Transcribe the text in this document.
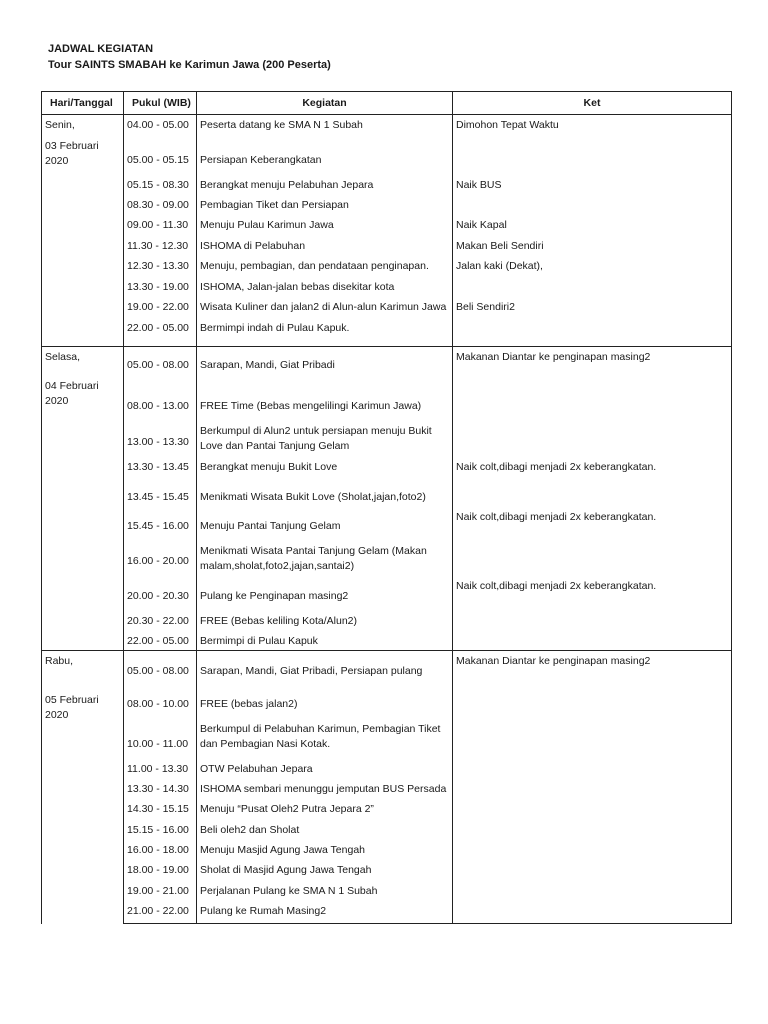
JADWAL KEGIATAN
Tour SAINTS SMABAH ke Karimun Jawa (200 Peserta)
Hari/Tanggal	Pukul (WIB)	Kegiatan	Ket

Senin,
03 Februari 2020	04.00 - 05.00	Peserta datang ke SMA N 1 Subah	Dimohon Tepat Waktu
	05.00 - 05.15	Persiapan Keberangkatan	
	05.15 - 08.30	Berangkat menuju Pelabuhan Jepara	Naik BUS
	08.30 - 09.00	Pembagian Tiket dan Persiapan	
	09.00 - 11.30	Menuju Pulau Karimun Jawa	Naik Kapal
	11.30 - 12.30	ISHOMA di Pelabuhan	Makan Beli Sendiri
	12.30 - 13.30	Menuju, pembagian, dan pendataan penginapan.	Jalan kaki (Dekat),
	13.30 - 19.00	ISHOMA, Jalan-jalan bebas disekitar kota	
	19.00 - 22.00	Wisata Kuliner dan jalan2 di Alun-alun Karimun Jawa	Beli Sendiri2
	22.00 - 05.00	Bermimpi indah di Pulau Kapuk.	

Selasa,
04 Februari 2020	05.00 - 08.00	Sarapan, Mandi, Giat Pribadi	Makanan Diantar ke penginapan masing2
	08.00 - 13.00	FREE Time (Bebas mengelilingi Karimun Jawa)	
	13.00 - 13.30	Berkumpul di Alun2 untuk persiapan menuju Bukit Love dan Pantai Tanjung Gelam	
	13.30 - 13.45	Berangkat menuju Bukit Love	Naik colt,dibagi menjadi 2x keberangkatan.
	13.45 - 15.45	Menikmati Wisata Bukit Love (Sholat,jajan,foto2)	
	15.45 - 16.00	Menuju Pantai Tanjung Gelam	Naik colt,dibagi menjadi 2x keberangkatan.
	16.00 - 20.00	Menikmati Wisata Pantai Tanjung Gelam (Makan malam,sholat,foto2,jajan,santai2)	
	20.00 - 20.30	Pulang ke Penginapan masing2	Naik colt,dibagi menjadi 2x keberangkatan.
	20.30 - 22.00	FREE (Bebas keliling Kota/Alun2)	
	22.00 - 05.00	Bermimpi di Pulau Kapuk	

Rabu,
05 Februari 2020	05.00 - 08.00	Sarapan, Mandi, Giat Pribadi, Persiapan pulang	Makanan Diantar ke penginapan masing2
	08.00 - 10.00	FREE (bebas jalan2)	
	10.00 - 11.00	Berkumpul di Pelabuhan Karimun, Pembagian Tiket dan Pembagian Nasi Kotak.	
	11.00 - 13.30	OTW Pelabuhan Jepara	
	13.30 - 14.30	ISHOMA sembari menunggu jemputan BUS Persada	
	14.30 - 15.15	Menuju “Pusat Oleh2 Putra Jepara 2”	
	15.15 - 16.00	Beli oleh2 dan Sholat	
	16.00 - 18.00	Menuju Masjid Agung Jawa Tengah	
	18.00 - 19.00	Sholat di Masjid Agung Jawa Tengah	
	19.00 - 21.00	Perjalanan Pulang ke SMA N 1 Subah	
	21.00 - 22.00	Pulang ke Rumah Masing2	
